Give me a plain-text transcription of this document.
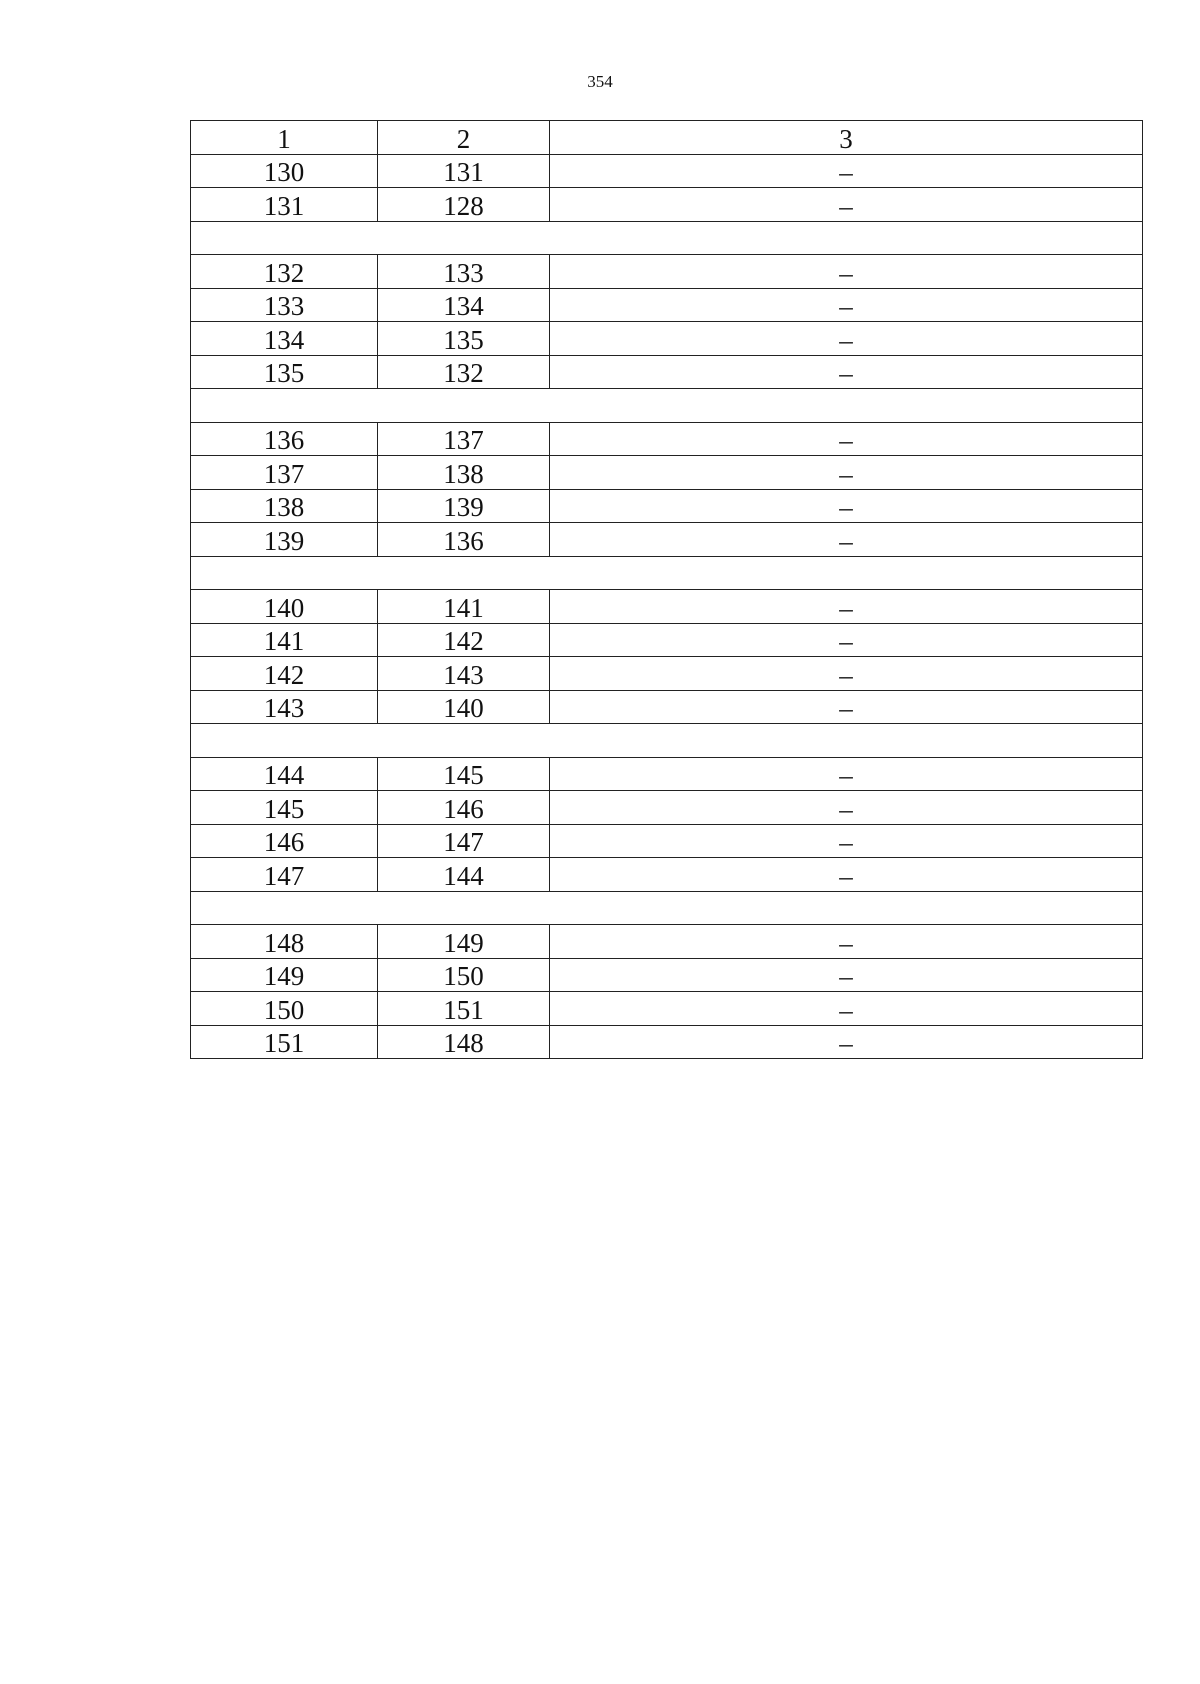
354
1	2	3
130	131	–
131	128	–

132	133	–
133	134	–
134	135	–
135	132	–

136	137	–
137	138	–
138	139	–
139	136	–

140	141	–
141	142	–
142	143	–
143	140	–

144	145	–
145	146	–
146	147	–
147	144	–

148	149	–
149	150	–
150	151	–
151	148	–
